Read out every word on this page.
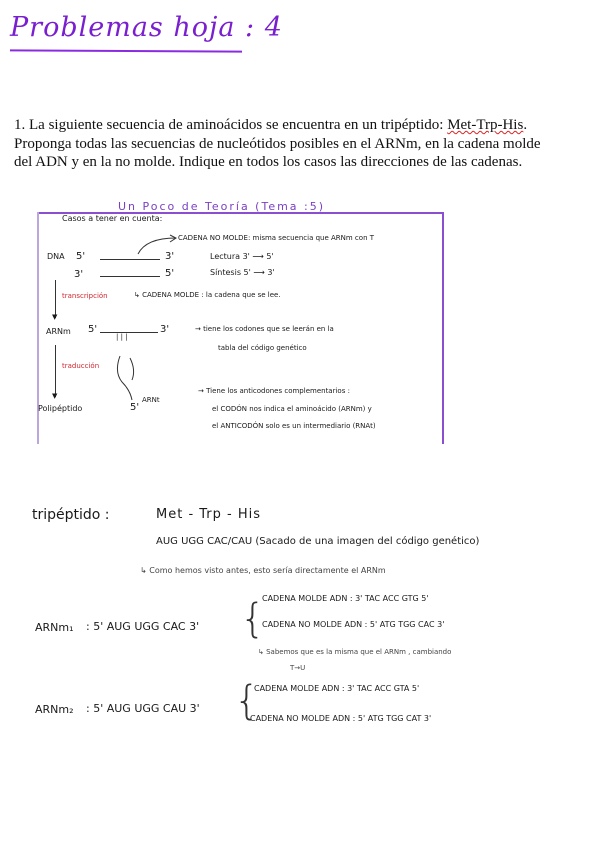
Problemas hoja : 4
1. La siguiente secuencia de aminoácidos se encuentra en un tripéptido: Met-Trp-His. Proponga todas las secuencias de nucleótidos posibles en el ARNm, en la cadena molde del ADN y en la no molde. Indique en todos los casos las direcciones de las cadenas.
Un Poco de Teoría (Tema :5)
Casos a tener en cuenta:
DNA 5'	3'
3'	5'
CADENA NO MOLDE: misma secuencia que ARNm con T
Lectura 3' ⟶ 5'
Síntesis 5' ⟶ 3'
▼
transcripción	↳ CADENA MOLDE : la cadena que se lee.
ARNm 5'	3'
| | |
→ tiene los codones que se leerán en la
tabla del código genético
▼
traducción
5'
ARNt
Polipéptido
→ Tiene los anticodones complementarios :
el CODÓN nos indica el aminoácido (ARNm) y
el ANTICODÓN solo es un intermediario (RNAt)
tripéptido :	Met - Trp - His
AUG UGG CAC/CAU (Sacado de una imagen del código genético)
↳ Como hemos visto antes, esto sería directamente el ARNm
ARNm₁ : 5' AUG UGG CAC 3' {
CADENA MOLDE ADN : 3' TAC ACC GTG 5'
CADENA NO MOLDE ADN : 5' ATG TGG CAC 3'
↳ Sabemos que es la misma que el ARNm , cambiando
T→U
ARNm₂ : 5' AUG UGG CAU 3' {
CADENA MOLDE ADN : 3' TAC ACC GTA 5'
CADENA NO MOLDE ADN : 5' ATG TGG CAT 3'
